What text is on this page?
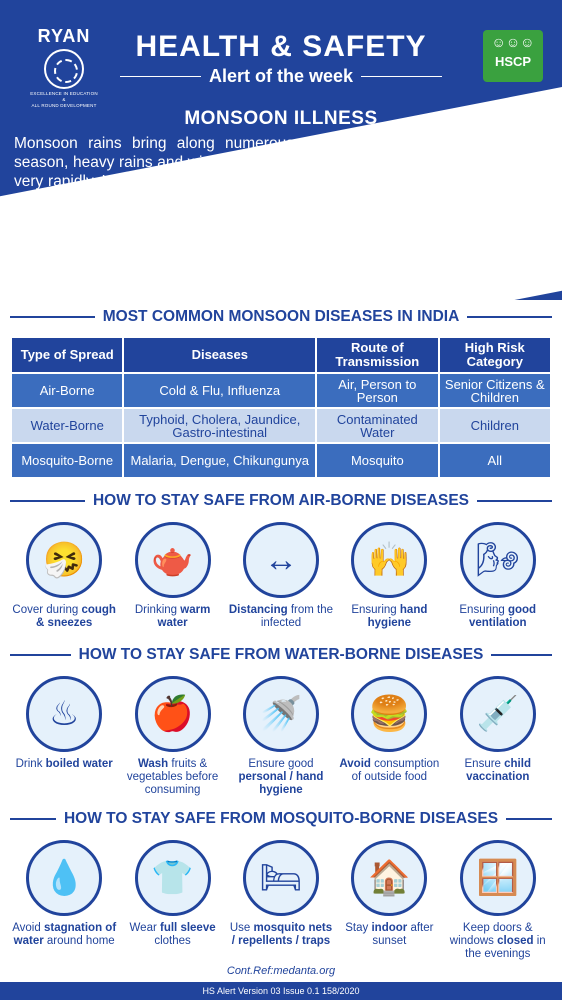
RYAN
EXCELLENCE IN EDUCATION
&
ALL ROUND DEVELOPMENT
HEALTH & SAFETY
Alert of the week
☺☺☺
HSCP
MONSOON ILLNESS
Monsoon rains bring along numerous diseases every year. During this season, heavy rains and windy environment spread many infectious diseases very rapidly. Hence, this is the best time to put ‘prevention is better than cure’ into action. Early diagnosis and a few basic preventive and hygienic measures can help us stay healthy during this season.
MOST COMMON MONSOON DISEASES IN INDIA
Type of Spread	Diseases	Route of Transmission	High Risk Category
Air-Borne	Cold & Flu, Influenza	Air, Person to Person	Senior Citizens & Children
Water-Borne	Typhoid, Cholera, Jaundice, Gastro-intestinal	Contaminated Water	Children
Mosquito-Borne	Malaria, Dengue, Chikungunya	Mosquito	All
HOW TO STAY SAFE FROM AIR-BORNE DISEASES
🤧
Cover during cough & sneezes
🫖
Drinking warm water
↔
Distancing from the infected
🙌
Ensuring hand hygiene
🌬
Ensuring good ventilation
HOW TO STAY SAFE FROM WATER-BORNE DISEASES
♨
Drink boiled water
🍎
Wash fruits & vegetables before consuming
🚿
Ensure good personal / hand hygiene
🍔
Avoid consumption of outside food
💉
Ensure child vaccination
HOW TO STAY SAFE FROM MOSQUITO-BORNE DISEASES
💧
Avoid stagnation of water around home
👕
Wear full sleeve clothes
🛏
Use mosquito nets / repellents / traps
🏠
Stay indoor after sunset
🪟
Keep doors & windows closed in the evenings
Cont.Ref:medanta.org
HS Alert Version 03 Issue 0.1 158/2020
